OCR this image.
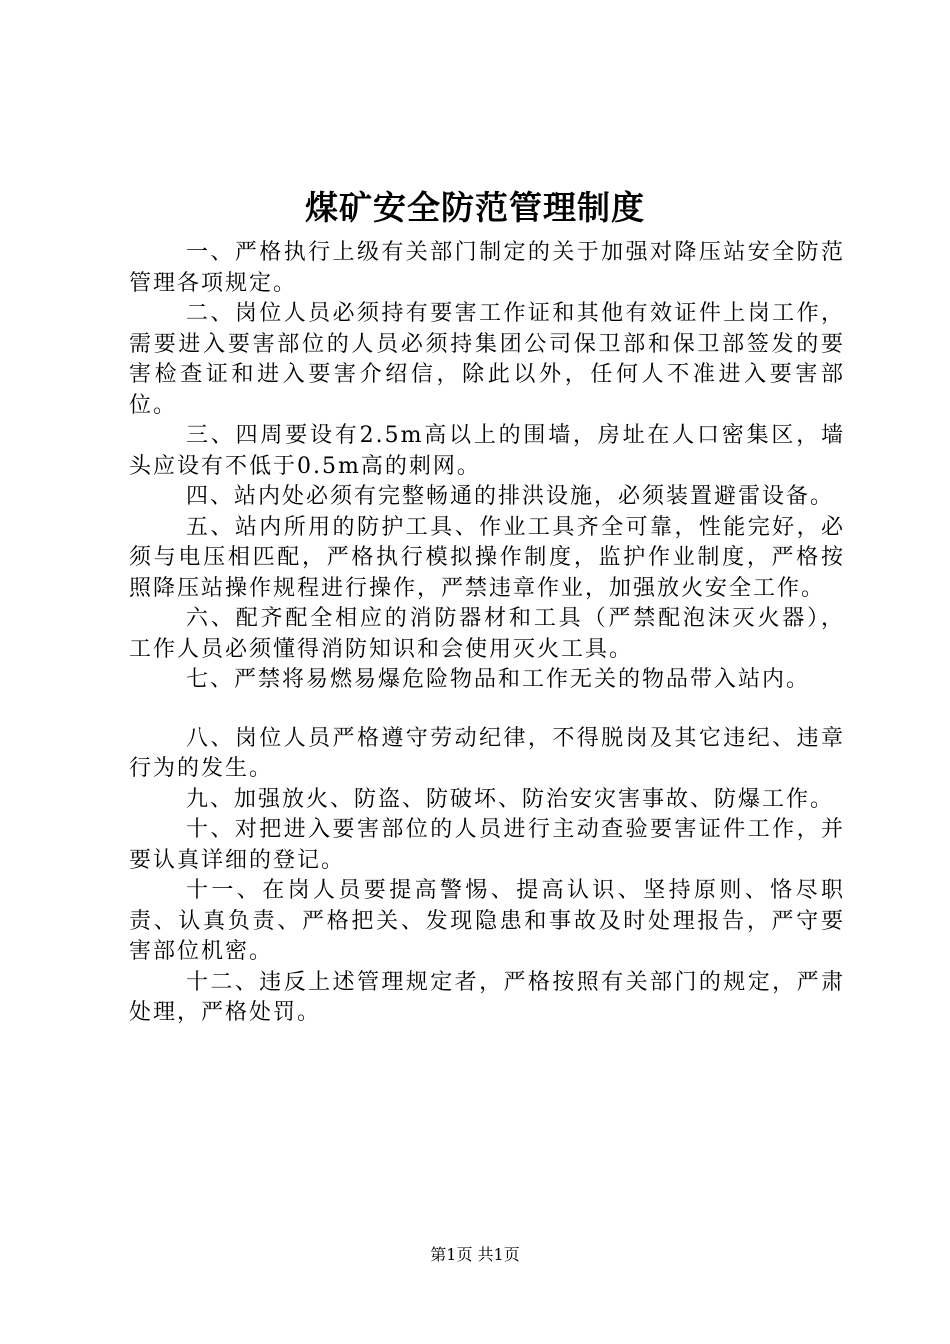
煤矿安全防范管理制度

一、严格执行上级有关部门制定的关于加强对降压站安全防范管理各项规定。

二、岗位人员必须持有要害工作证和其他有效证件上岗工作，需要进入要害部位的人员必须持集团公司保卫部和保卫部签发的要害检查证和进入要害介绍信，除此以外，任何人不准进入要害部位。

三、四周要设有2.5m高以上的围墙，房址在人口密集区，墙头应设有不低于0.5m高的刺网。

四、站内处必须有完整畅通的排洪设施，必须装置避雷设备。

五、站内所用的防护工具、作业工具齐全可靠，性能完好，必须与电压相匹配，严格执行模拟操作制度，监护作业制度，严格按照降压站操作规程进行操作，严禁违章作业，加强放火安全工作。

六、配齐配全相应的消防器材和工具（严禁配泡沫灭火器），工作人员必须懂得消防知识和会使用灭火工具。

七、严禁将易燃易爆危险物品和工作无关的物品带入站内。

八、岗位人员严格遵守劳动纪律，不得脱岗及其它违纪、违章行为的发生。

九、加强放火、防盗、防破坏、防治安灾害事故、防爆工作。

十、对把进入要害部位的人员进行主动查验要害证件工作，并要认真详细的登记。

十一、在岗人员要提高警惕、提高认识、坚持原则、恪尽职责、认真负责、严格把关、发现隐患和事故及时处理报告，严守要害部位机密。

十二、违反上述管理规定者，严格按照有关部门的规定，严肃处理，严格处罚。

第1页 共1页
